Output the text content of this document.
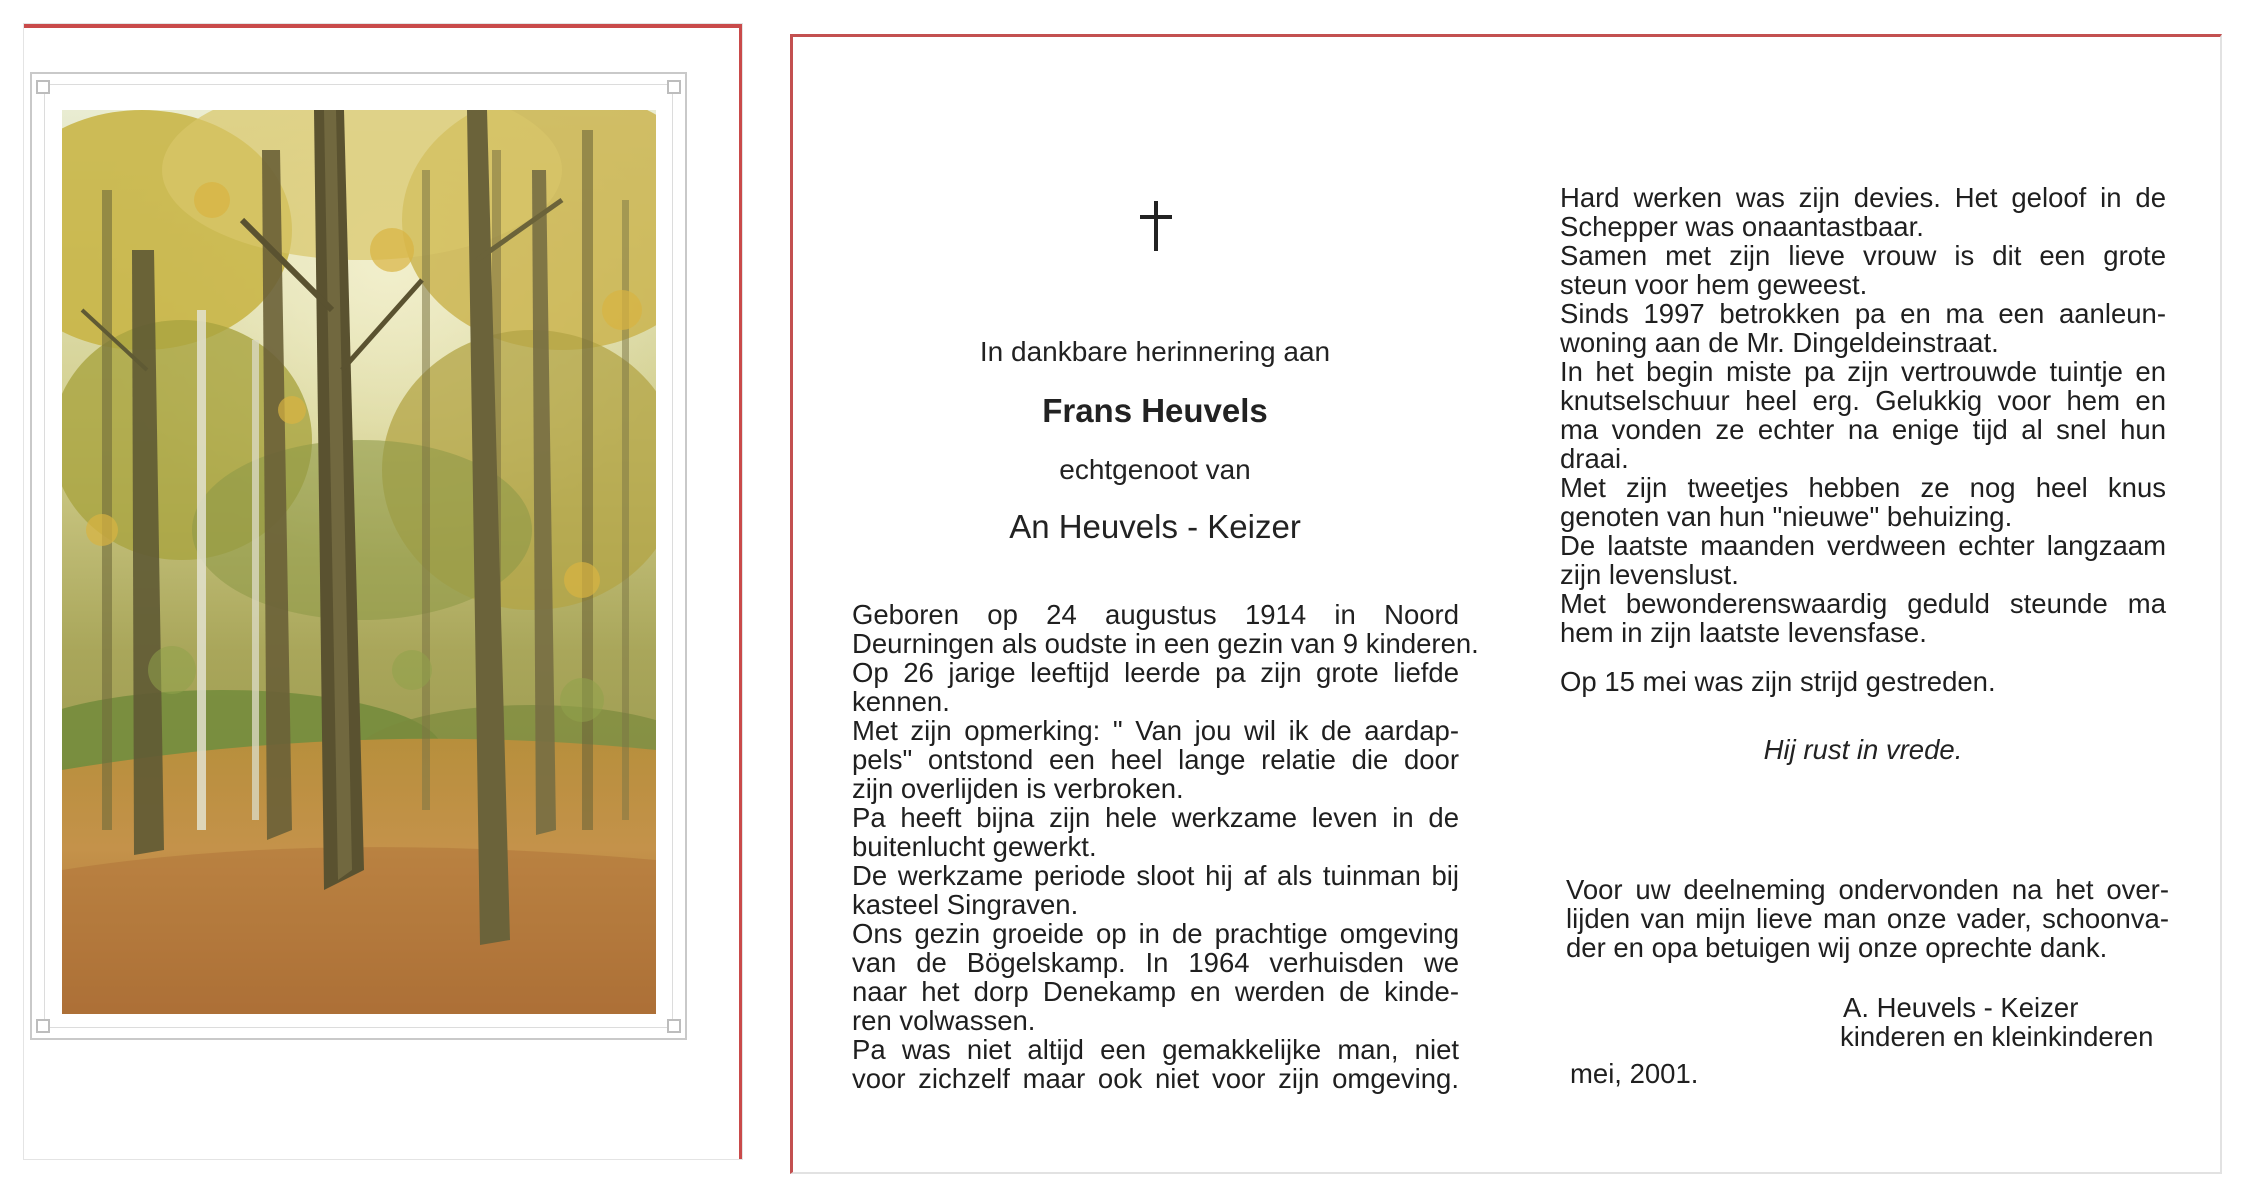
In dankbare herinnering aan
Frans Heuvels
echtgenoot van
An Heuvels - Keizer
Geboren op 24 augustus 1914 in Noord
Deurningen als oudste in een gezin van 9 kinderen.
Op 26 jarige leeftijd leerde pa zijn grote liefde
kennen.
Met zijn opmerking: " Van jou wil ik de aardap-
pels" ontstond een heel lange relatie die door
zijn overlijden is verbroken.
Pa heeft bijna zijn hele werkzame leven in de
buitenlucht gewerkt.
De werkzame periode sloot hij af als tuinman bij
kasteel Singraven.
Ons gezin groeide op in de prachtige omgeving
van de Bögelskamp. In 1964 verhuisden we
naar het dorp Denekamp en werden de kinde-
ren volwassen.
Pa was niet altijd een gemakkelijke man, niet
voor zichzelf maar ook niet voor zijn omgeving.
Hard werken was zijn devies. Het geloof in de
Schepper was onaantastbaar.
Samen met zijn lieve vrouw is dit een grote
steun voor hem geweest.
Sinds 1997 betrokken pa en ma een aanleun-
woning aan de Mr. Dingeldeinstraat.
In het begin miste pa zijn vertrouwde tuintje en
knutselschuur heel erg. Gelukkig voor hem en
ma vonden ze echter na enige tijd al snel hun
draai.
Met zijn tweetjes hebben ze nog heel knus
genoten van hun "nieuwe" behuizing.
De laatste maanden verdween echter langzaam
zijn levenslust.
Met bewonderenswaardig geduld steunde ma
hem in zijn laatste levensfase.
Op 15 mei was zijn strijd gestreden.
Hij rust in vrede.
Voor uw deelneming ondervonden na het over-
lijden van mijn lieve man onze vader, schoonva-
der en opa betuigen wij onze oprechte dank.
A. Heuvels - Keizer
kinderen en kleinkinderen
mei, 2001.
